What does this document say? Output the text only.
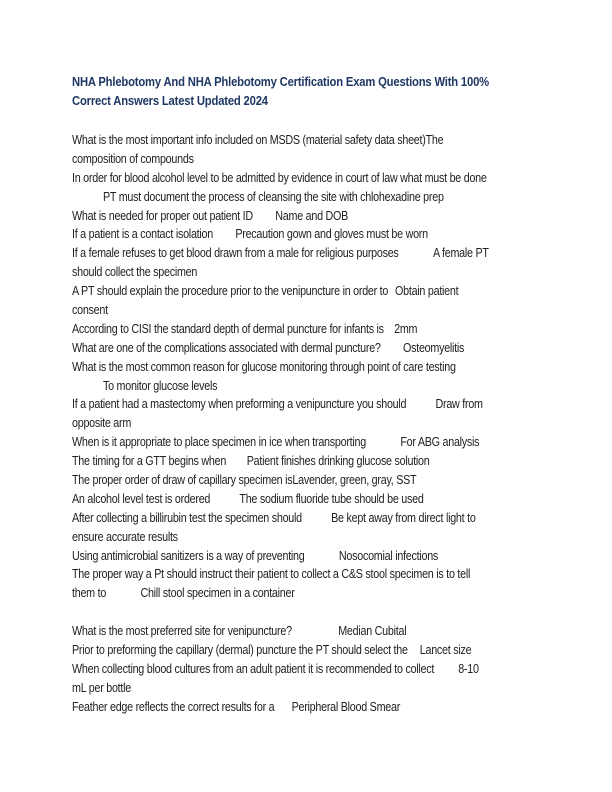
NHA Phlebotomy And NHA Phlebotomy Certification Exam Questions With 100%
Correct Answers Latest Updated 2024
What is the most important info included on MSDS (material safety data sheet)The
composition of compounds
In order for blood alcohol level to be admitted by evidence in court of law what must be done
PT must document the process of cleansing the site with chlohexadine prep
What is needed for proper out patient ID Name and DOB
If a patient is a contact isolation Precaution gown and gloves must be worn
If a female refuses to get blood drawn from a male for religious purposes	A female PT
should collect the specimen
A PT should explain the procedure prior to the venipuncture in order to Obtain patient
consent
According to CISI the standard depth of dermal puncture for infants is 2mm
What are one of the complications associated with dermal puncture? Osteomyelitis
What is the most common reason for glucose monitoring through point of care testing
To monitor glucose levels
If a patient had a mastectomy when preforming a venipuncture you should Draw from
opposite arm
When is it appropriate to place specimen in ice when transporting	For ABG analysis
The timing for a GTT begins when Patient finishes drinking glucose solution
The proper order of draw of capillary specimen isLavender, green, gray, SST
An alcohol level test is ordered The sodium fluoride tube should be used
After collecting a billirubin test the specimen should Be kept away from direct light to
ensure accurate results
Using antimicrobial sanitizers is a way of preventing	Nosocomial infections
The proper way a Pt should instruct their patient to collect a C&S stool specimen is to tell
them to	Chill stool specimen in a container
What is the most preferred site for venipuncture?	Median Cubital
Prior to preforming the capillary (dermal) puncture the PT should select the Lancet size
When collecting blood cultures from an adult patient it is recommended to collect 8-10
mL per bottle
Feather edge reflects the correct results for a Peripheral Blood Smear
